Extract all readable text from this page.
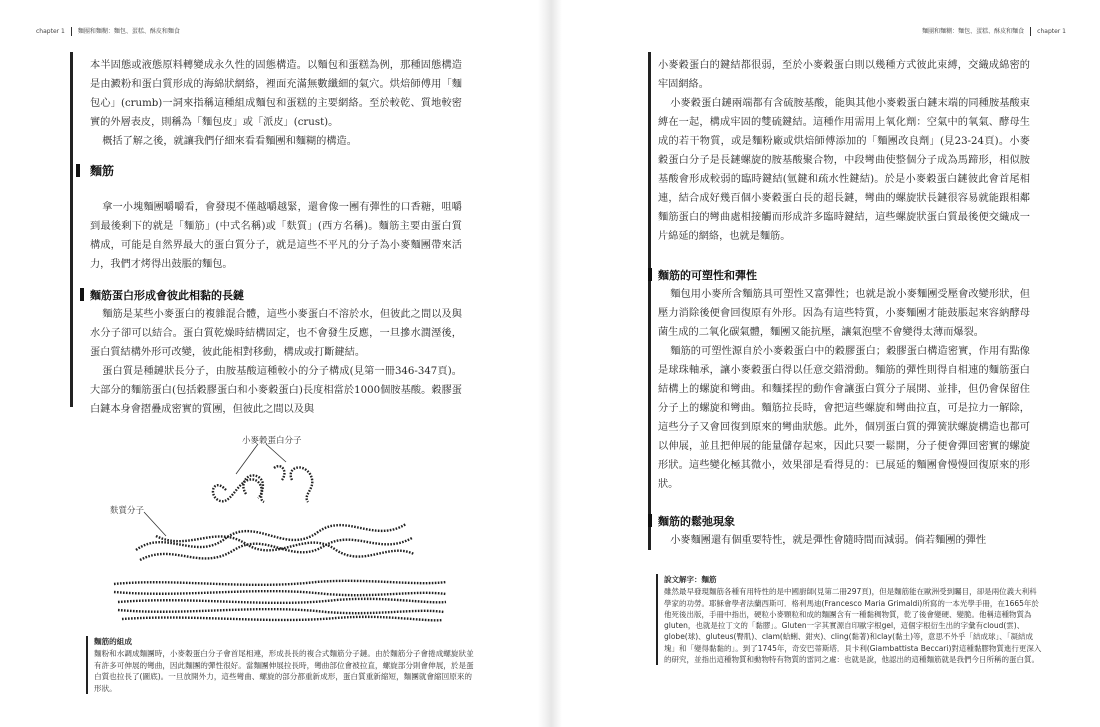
chapter 1 麵團和麵糊：麵包、蛋糕、酥皮和麵食

本半固態或液態原料轉變成永久性的固態構造。以麵包和蛋糕為例，那種固態構造是由澱粉和蛋白質形成的海綿狀網絡，裡面充滿無數纖細的氣穴。烘焙師傅用「麵包心」(crumb)一詞來指稱這種組成麵包和蛋糕的主要網絡。至於較乾、質地較密實的外層表皮，則稱為「麵包皮」或「派皮」(crust)。

概括了解之後，就讓我們仔細來看看麵團和麵糊的構造。

麵筋

拿一小塊麵團嚼嚼看，會發現不僅越嚼越緊，還會像一團有彈性的口香糖，咀嚼到最後剩下的就是「麵筋」(中式名稱)或「麩質」(西方名稱)。麵筋主要由蛋白質構成，可能是自然界最大的蛋白質分子，就是這些不平凡的分子為小麥麵團帶來活力，我們才烤得出鼓脹的麵包。

麵筋蛋白形成會彼此相黏的長鏈

麵筋是某些小麥蛋白的複雜混合體，這些小麥蛋白不溶於水，但彼此之間以及與水分子卻可以結合。蛋白質乾燥時結構固定，也不會發生反應，一旦摻水潤溼後，蛋白質結構外形可改變，彼此能相對移動，構成或打斷鍵結。

蛋白質是種鏈狀長分子，由胺基酸這種較小的分子構成(見第一冊346-347頁)。大部分的麵筋蛋白(包括穀膠蛋白和小麥穀蛋白)長度相當於1000個胺基酸。穀膠蛋白鏈本身會摺疊成密實的質團，但彼此之間以及與

小麥穀蛋白分子
麩質分子
麵筋的組成
麵粉和水調成麵團時，小麥穀蛋白分子會首尾相連，形成長長的複合式麵筋分子鏈。由於麵筋分子會捲成螺旋狀並有許多可伸展的彎曲，因此麵團的彈性很好。當麵團伸展拉長時，彎曲部位會被拉直，螺旋部分則會伸展，於是蛋白質也拉長了(圖底)。一旦放開外力，這些彎曲、螺旋的部分都重新成形，蛋白質重新縮短，麵團就會縮回原來的形狀。
麵團和麵糊：麵包、蛋糕、酥皮和麵食 chapter 1

小麥穀蛋白的鍵結都很弱，至於小麥穀蛋白則以幾種方式彼此束縛，交織成綿密的牢固網絡。

小麥穀蛋白鏈兩端都有含硫胺基酸，能與其他小麥穀蛋白鏈末端的同種胺基酸束縛在一起，構成牢固的雙硫鍵結。這種作用需用上氧化劑：空氣中的氧氣、酵母生成的若干物質，或是麵粉廠或烘焙師傅添加的「麵團改良劑」(見23-24頁)。小麥穀蛋白分子是長鏈螺旋的胺基酸聚合物，中段彎曲使整個分子成為馬蹄形，相似胺基酸會形成較弱的臨時鍵結(氫鍵和疏水性鍵結)。於是小麥穀蛋白鏈彼此會首尾相連，結合成好幾百個小麥穀蛋白長的超長鏈，彎曲的螺旋狀長鏈很容易就能跟相鄰麵筋蛋白的彎曲處相接觸而形成許多臨時鍵結，這些螺旋狀蛋白質最後便交織成一片綿延的網絡，也就是麵筋。

麵筋的可塑性和彈性

麵包用小麥所含麵筋具可塑性又富彈性；也就是說小麥麵團受壓會改變形狀，但壓力消除後便會回復原有外形。因為有這些特質，小麥麵團才能鼓脹起來容納酵母菌生成的二氧化碳氣體，麵團又能抗壓，讓氣泡壁不會變得太薄而爆裂。

麵筋的可塑性源自於小麥穀蛋白中的穀膠蛋白；穀膠蛋白構造密實，作用有點像是球珠軸承，讓小麥穀蛋白得以任意交錯滑動。麵筋的彈性則得自相連的麵筋蛋白結構上的螺旋和彎曲。和麵揉捏的動作會讓蛋白質分子展開、並排，但仍會保留住分子上的螺旋和彎曲。麵筋拉長時，會把這些螺旋和彎曲拉直，可是拉力一解除，這些分子又會回復到原來的彎曲狀態。此外，個別蛋白質的彈簧狀螺旋構造也都可以伸展，並且把伸展的能量儲存起來，因此只要一鬆開，分子便會彈回密實的螺旋形狀。這些變化極其微小，效果卻是看得見的：已展延的麵團會慢慢回復原來的形狀。

麵筋的鬆弛現象

小麥麵團還有個重要特性，就是彈性會隨時間而減弱。倘若麵團的彈性

說文解字：麵筋
雖然最早發現麵筋各種有用特性的是中國廚師(見第二冊297頁)，但是麵筋能在歐洲受到矚目，卻是兩位義大利科學家的功勞。耶穌會學者法蘭西斯可．格利馬迪(Francesco Maria Grimaldi)所寫的一本光學手冊，在1665年於他死後出版，手冊中指出，硬粒小麥顆粒和成的麵團含有一種黏稠物質，乾了後會變硬、變脆。他稱這種物質為gluten，也就是拉丁文的「黏膠」。Gluten一字其實源自印歐字根gel，這個字根衍生出的字彙有cloud(雲)、globe(球)、gluteus(臀肌)、clam(蛤蜊、鉗夾)、cling(黏著)和clay(黏土)等，意思不外乎「結成球」、「凝結成塊」和「變得黏黏的」。到了1745年，奇安巴蒂斯塔．貝卡利(Giambattista Beccari)對這種黏膠物質進行更深入的研究，並指出這種物質和動物特有物質的雷同之處：也就是說，他認出的這種麵筋就是我們今日所稱的蛋白質。
